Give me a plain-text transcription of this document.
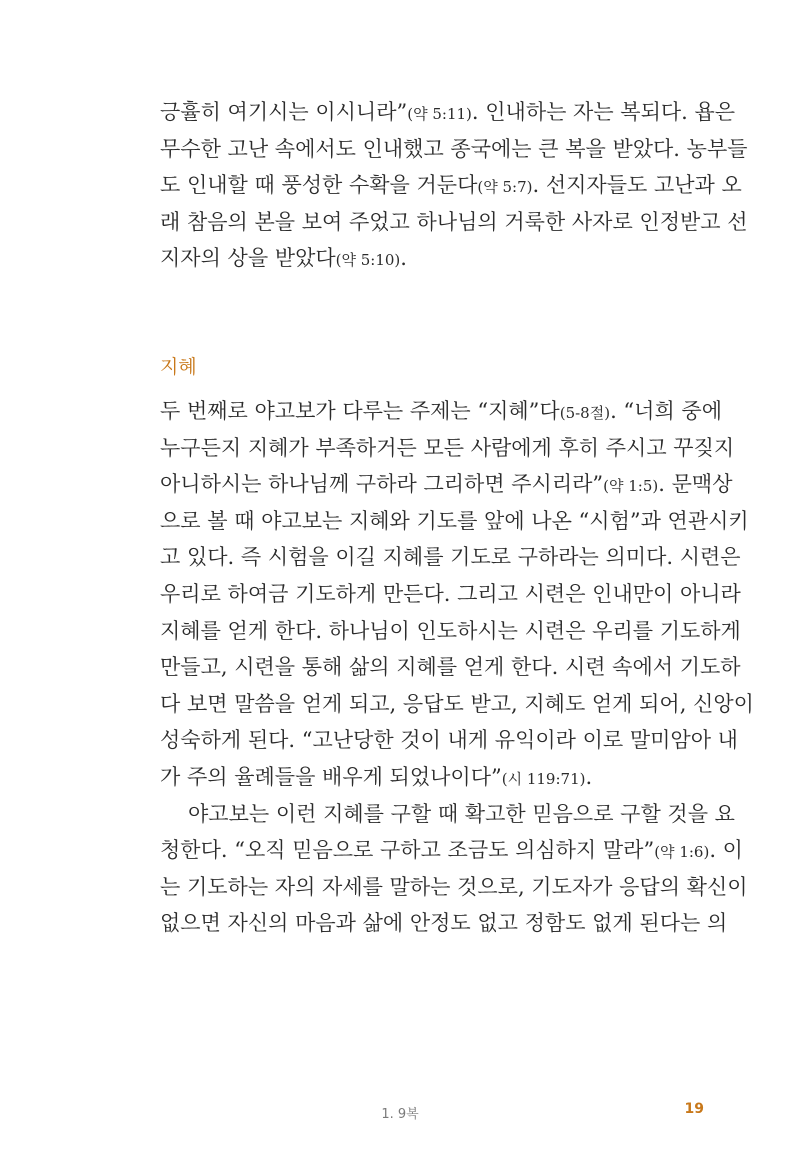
긍휼히 여기시는 이시니라”(약 5:11). 인내하는 자는 복되다. 욥은
무수한 고난 속에서도 인내했고 종국에는 큰 복을 받았다. 농부들
도 인내할 때 풍성한 수확을 거둔다(약 5:7). 선지자들도 고난과 오
래 참음의 본을 보여 주었고 하나님의 거룩한 사자로 인정받고 선
지자의 상을 받았다(약 5:10).
지혜
두 번째로 야고보가 다루는 주제는 “지혜”다(5-8절). “너희 중에
누구든지 지혜가 부족하거든 모든 사람에게 후히 주시고 꾸짖지
아니하시는 하나님께 구하라 그리하면 주시리라”(약 1:5). 문맥상
으로 볼 때 야고보는 지혜와 기도를 앞에 나온 “시험”과 연관시키
고 있다. 즉 시험을 이길 지혜를 기도로 구하라는 의미다. 시련은
우리로 하여금 기도하게 만든다. 그리고 시련은 인내만이 아니라
지혜를 얻게 한다. 하나님이 인도하시는 시련은 우리를 기도하게
만들고, 시련을 통해 삶의 지혜를 얻게 한다. 시련 속에서 기도하
다 보면 말씀을 얻게 되고, 응답도 받고, 지혜도 얻게 되어, 신앙이
성숙하게 된다. “고난당한 것이 내게 유익이라 이로 말미암아 내
가 주의 율례들을 배우게 되었나이다”(시 119:71).
야고보는 이런 지혜를 구할 때 확고한 믿음으로 구할 것을 요
청한다. “오직 믿음으로 구하고 조금도 의심하지 말라”(약 1:6). 이
는 기도하는 자의 자세를 말하는 것으로, 기도자가 응답의 확신이
없으면 자신의 마음과 삶에 안정도 없고 정함도 없게 된다는 의
1. 9복	19
